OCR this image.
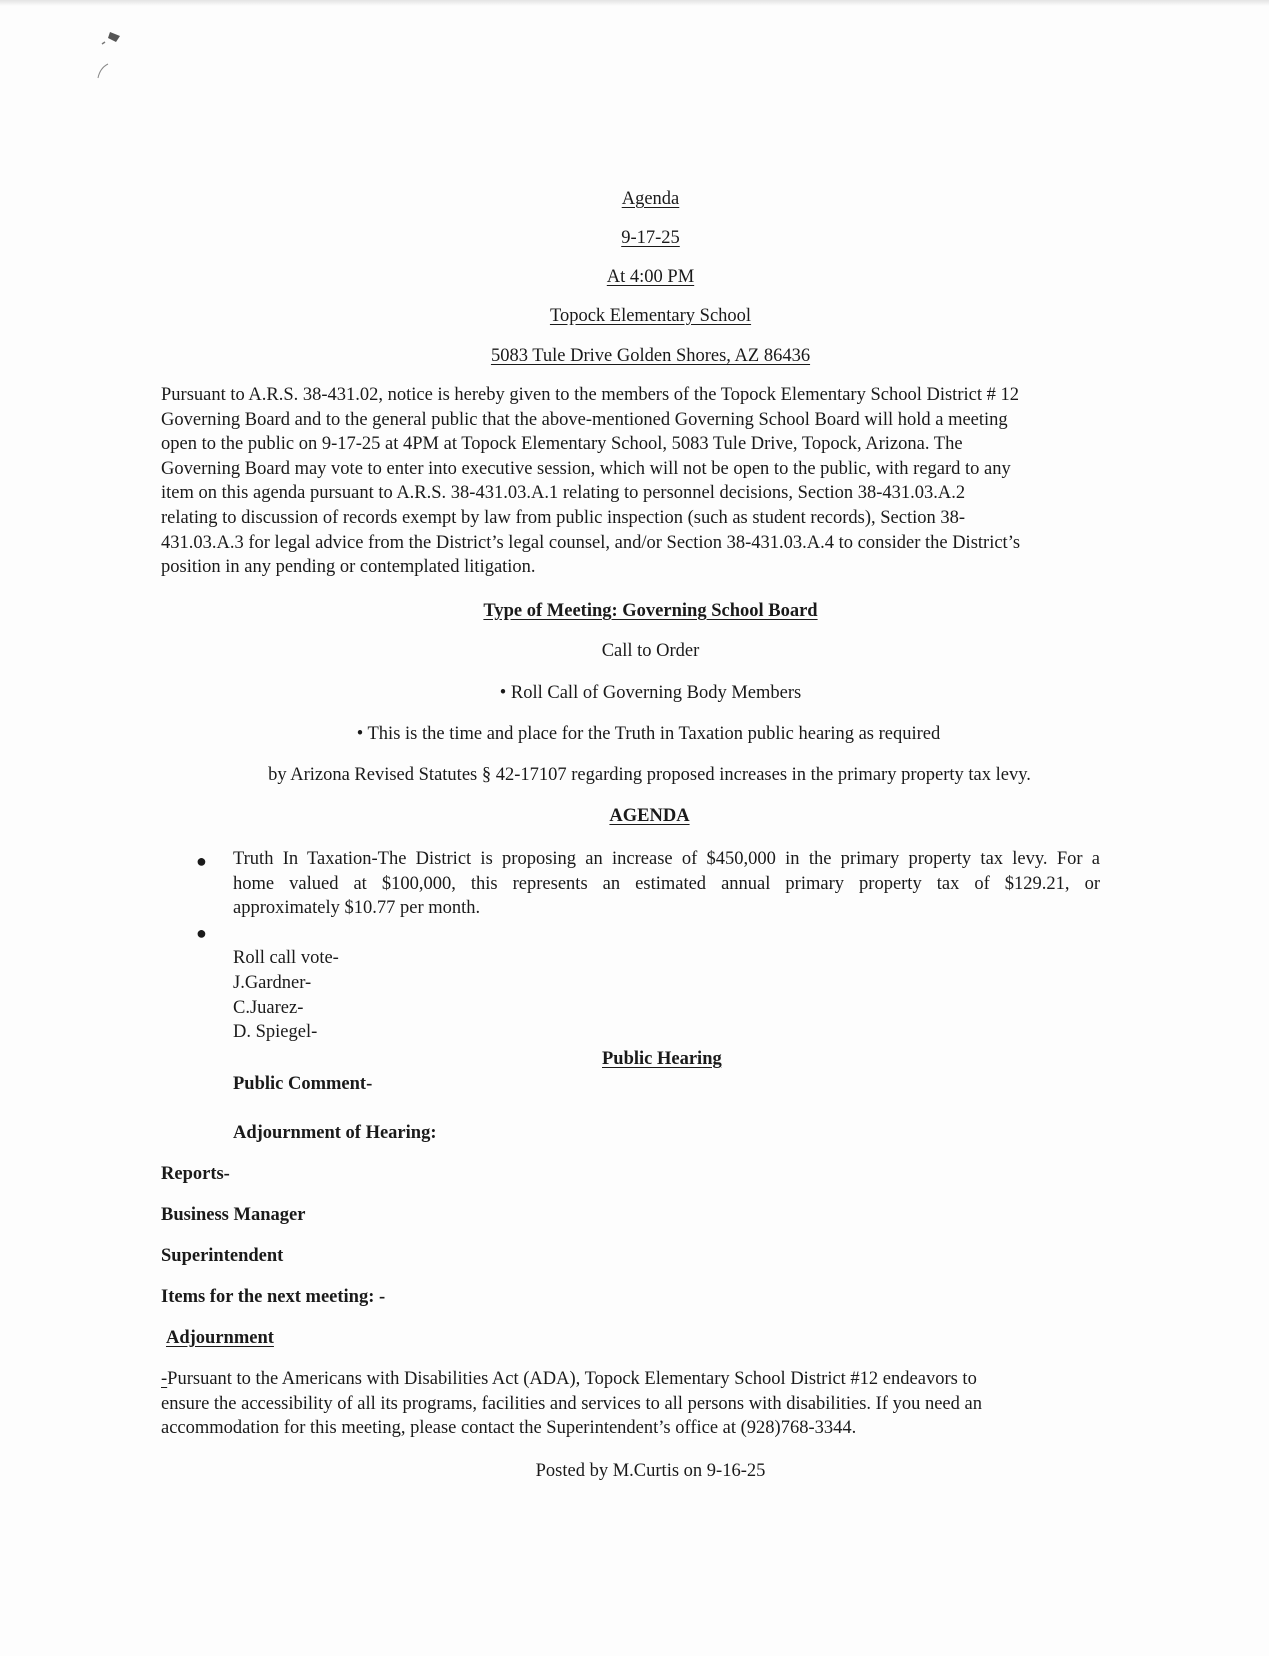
Agenda
9-17-25
At 4:00 PM
Topock Elementary School
5083 Tule Drive Golden Shores, AZ 86436
Pursuant to A.R.S. 38-431.02, notice is hereby given to the members of the Topock Elementary School District # 12
Governing Board and to the general public that the above-mentioned Governing School Board will hold a meeting
open to the public on 9-17-25 at 4PM at Topock Elementary School, 5083 Tule Drive, Topock, Arizona. The
Governing Board may vote to enter into executive session, which will not be open to the public, with regard to any
item on this agenda pursuant to A.R.S. 38-431.03.A.1 relating to personnel decisions, Section 38-431.03.A.2
relating to discussion of records exempt by law from public inspection (such as student records), Section 38-
431.03.A.3 for legal advice from the District’s legal counsel, and/or Section 38-431.03.A.4 to consider the District’s
position in any pending or contemplated litigation.
Type of Meeting: Governing School Board
Call to Order
• Roll Call of Governing Body Members
• This is the time and place for the Truth in Taxation public hearing as required
by Arizona Revised Statutes § 42-17107 regarding proposed increases in the primary property tax levy.
AGENDA
● Truth In Taxation-The District is proposing an increase of $450,000 in the primary property tax levy. For a
home valued at $100,000, this represents an estimated annual primary property tax of $129.21, or
approximately $10.77 per month.
●
Roll call vote-
J.Gardner-
C.Juarez-
D. Spiegel-
Public Hearing
Public Comment-
Adjournment of Hearing:
Reports-
Business Manager
Superintendent
Items for the next meeting: -
Adjournment
-Pursuant to the Americans with Disabilities Act (ADA), Topock Elementary School District #12 endeavors to
ensure the accessibility of all its programs, facilities and services to all persons with disabilities. If you need an
accommodation for this meeting, please contact the Superintendent’s office at (928)768-3344.
Posted by M.Curtis on 9-16-25
